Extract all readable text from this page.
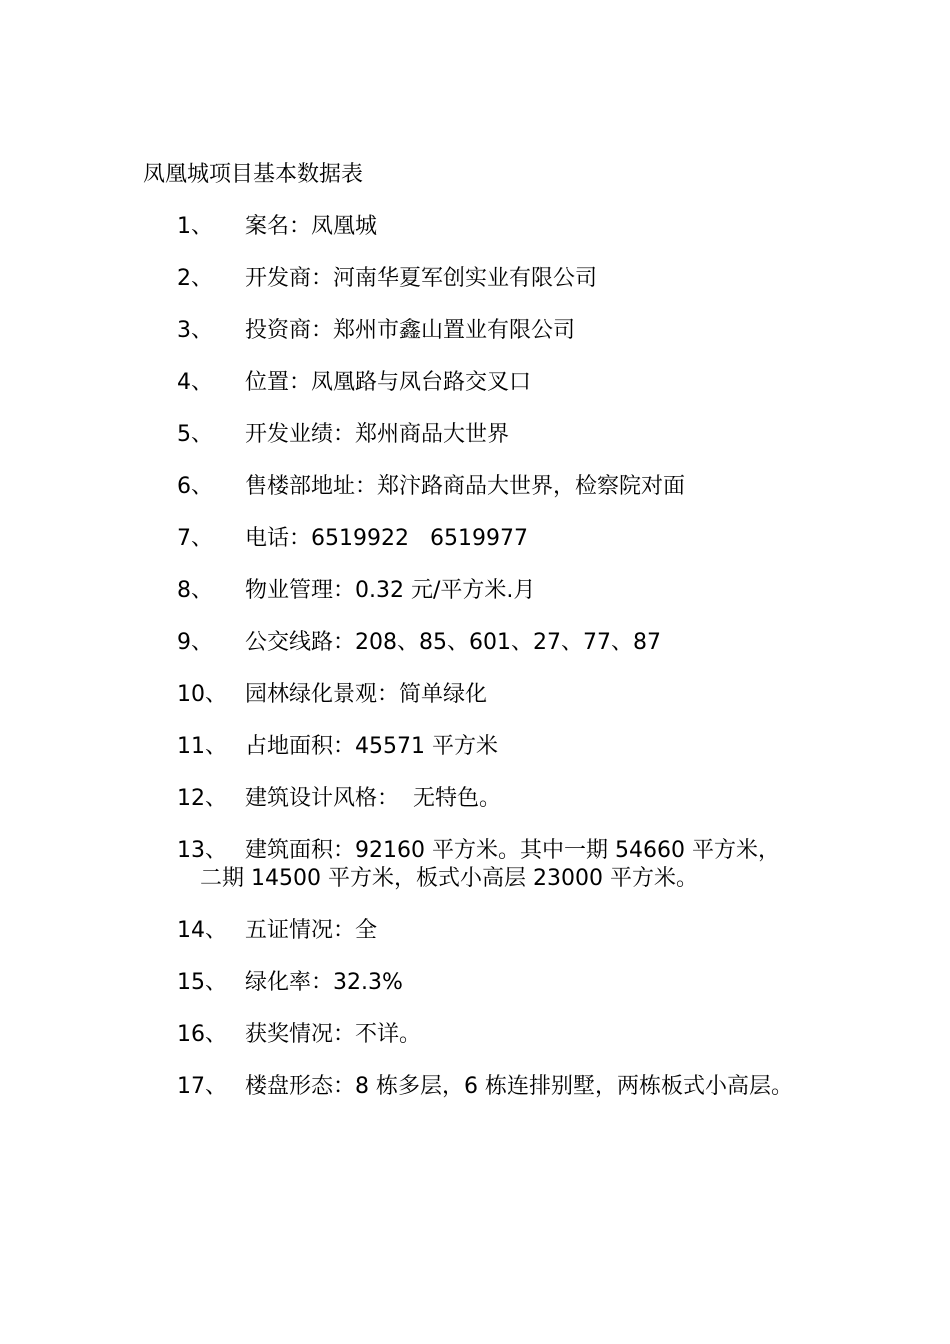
凤凰城项目基本数据表
1、 案名：凤凰城
2、 开发商：河南华夏军创实业有限公司
3、 投资商：郑州市鑫山置业有限公司
4、 位置：凤凰路与凤台路交叉口
5、 开发业绩：郑州商品大世界
6、 售楼部地址：郑汴路商品大世界，检察院对面
7、 电话：6519922   6519977
8、 物业管理：0.32 元/平方米.月
9、 公交线路：208、85、601、27、77、87
10、 园林绿化景观：简单绿化
11、 占地面积：45571 平方米
12、 建筑设计风格：  无特色。
13、 建筑面积：92160 平方米。其中一期 54660 平方米，
二期 14500 平方米，板式小高层 23000 平方米。
14、 五证情况：全
15、 绿化率：32.3%
16、 获奖情况：不详。
17、 楼盘形态：8 栋多层，6 栋连排别墅，两栋板式小高层。
